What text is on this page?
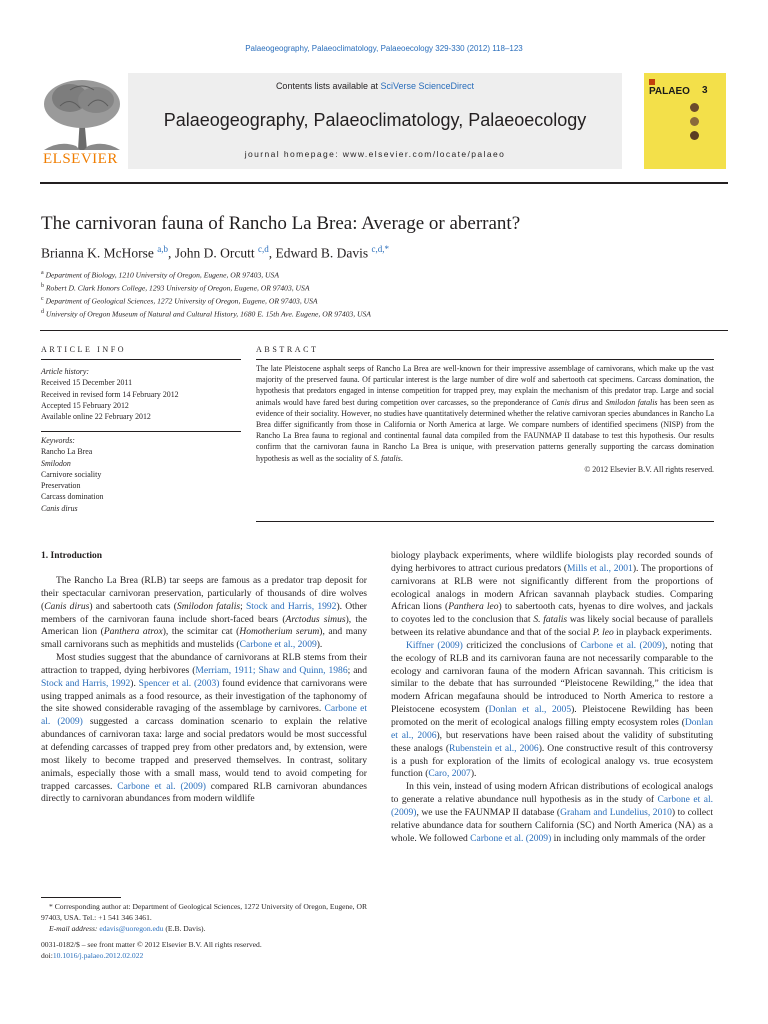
Palaeogeography, Palaeoclimatology, Palaeoecology 329-330 (2012) 118–123
ELSEVIER
Contents lists available at SciVerse ScienceDirect
Palaeogeography, Palaeoclimatology, Palaeoecology
journal homepage: www.elsevier.com/locate/palaeo
PALAEO 3
The carnivoran fauna of Rancho La Brea: Average or aberrant?
Brianna K. McHorse $^{a,b}$, John D. Orcutt $^{c,d}$, Edward B. Davis $^{c,d,*}$
$^a$ Department of Biology, 1210 University of Oregon, Eugene, OR 97403, USA
$^b$ Robert D. Clark Honors College, 1293 University of Oregon, Eugene, OR 97403, USA
$^c$ Department of Geological Sciences, 1272 University of Oregon, Eugene, OR 97403, USA
$^d$ University of Oregon Museum of Natural and Cultural History, 1680 E. 15th Ave. Eugene, OR 97403, USA
ARTICLE INFO
Article history:
Received 15 December 2011
Received in revised form 14 February 2012
Accepted 15 February 2012
Available online 22 February 2012
Keywords:
Rancho La Brea
Smilodon
Carnivore sociality
Preservation
Carcass domination
Canis dirus
ABSTRACT
The late Pleistocene asphalt seeps of Rancho La Brea are well-known for their impressive assemblage of carnivorans, which make up the vast majority of the preserved fauna. Of particular interest is the large number of dire wolf and sabertooth cat specimens. Carcass domination, the hypothesis that predators engaged in intense competition for trapped prey, may explain the mechanism of this predator trap. Large and social animals would have fared best during competition over carcasses, so the preponderance of Canis dirus and Smilodon fatalis has been seen as evidence of their sociality. However, no studies have quantitatively determined whether the relative carnivoran species abundances in Rancho La Brea differ significantly from those in California or North America at large. We compare numbers of identified specimens (NISP) from the Rancho La Brea fauna to regional and continental faunal data compiled from the FAUNMAP II database to test this hypothesis. Our results confirm that the carnivoran fauna in Rancho La Brea is unique, with preservation patterns generally supporting the carcass domination hypothesis as well as the sociality of S. fatalis.
© 2012 Elsevier B.V. All rights reserved.
1. Introduction

The Rancho La Brea (RLB) tar seeps are famous as a predator trap deposit for their spectacular carnivoran preservation, particularly of thousands of dire wolves (Canis dirus) and sabertooth cats (Smilodon fatalis; Stock and Harris, 1992). Other members of the carnivoran fauna include short-faced bears (Arctodus simus), the American lion (Panthera atrox), the scimitar cat (Homotherium serum), and many small carnivorans such as mephitids and mustelids (Carbone et al., 2009).

Most studies suggest that the abundance of carnivorans at RLB stems from their attraction to trapped, dying herbivores (Merriam, 1911; Shaw and Quinn, 1986; and Stock and Harris, 1992). Spencer et al. (2003) found evidence that carnivorans were using trapped animals as a food resource, as their investigation of the taphonomy of the site showed considerable ravaging of the assemblage by carnivores. Carbone et al. (2009) suggested a carcass domination scenario to explain the relative abundances of carnivoran taxa: large and social predators would be most successful at defending carcasses of trapped prey from other predators and, by extension, were most likely to become trapped and preserved themselves. In contrast, solitary animals, especially those with a small mass, would tend to avoid competing for trapped carcasses. Carbone et al. (2009) compared RLB carnivoran abundances directly to carnivoran abundances from modern wildlife

biology playback experiments, where wildlife biologists play recorded sounds of dying herbivores to attract curious predators (Mills et al., 2001). The proportions of carnivorans at RLB were not significantly different from the proportions of ecological analogs in modern African savannah playback studies. Comparing African lions (Panthera leo) to sabertooth cats, hyenas to dire wolves, and jackals to coyotes led to the conclusion that S. fatalis was likely social because of parallels between its relative abundance and that of the social P. leo in playback experiments.

Kiffner (2009) criticized the conclusions of Carbone et al. (2009), noting that the ecology of RLB and its carnivoran fauna are not necessarily comparable to the ecology and carnivoran fauna of the modern African savannah. This criticism is similar to the debate that has surrounded “Pleistocene Rewilding,” the idea that modern African megafauna should be introduced to North America to restore a Pleistocene ecosystem (Donlan et al., 2005). Pleistocene Rewilding has been promoted on the merit of ecological analogs filling empty ecosystem roles (Donlan et al., 2006), but reservations have been raised about the validity of substituting these analogs (Rubenstein et al., 2006). One constructive result of this controversy is a push for exploration of the limits of ecological analogy vs. true ecosystem function (Caro, 2007).

In this vein, instead of using modern African distributions of ecological analogs to generate a relative abundance null hypothesis as in the study of Carbone et al. (2009), we use the FAUNMAP II database (Graham and Lundelius, 2010) to collect relative abundance data for southern California (SC) and North America (NA) as a whole. We followed Carbone et al. (2009) in including only mammals of the order

* Corresponding author at: Department of Geological Sciences, 1272 University of Oregon, Eugene, OR 97403, USA. Tel.: +1 541 346 3461.
E-mail address: edavis@uoregon.edu (E.B. Davis).
0031-0182/$ – see front matter © 2012 Elsevier B.V. All rights reserved.
doi:10.1016/j.palaeo.2012.02.022
